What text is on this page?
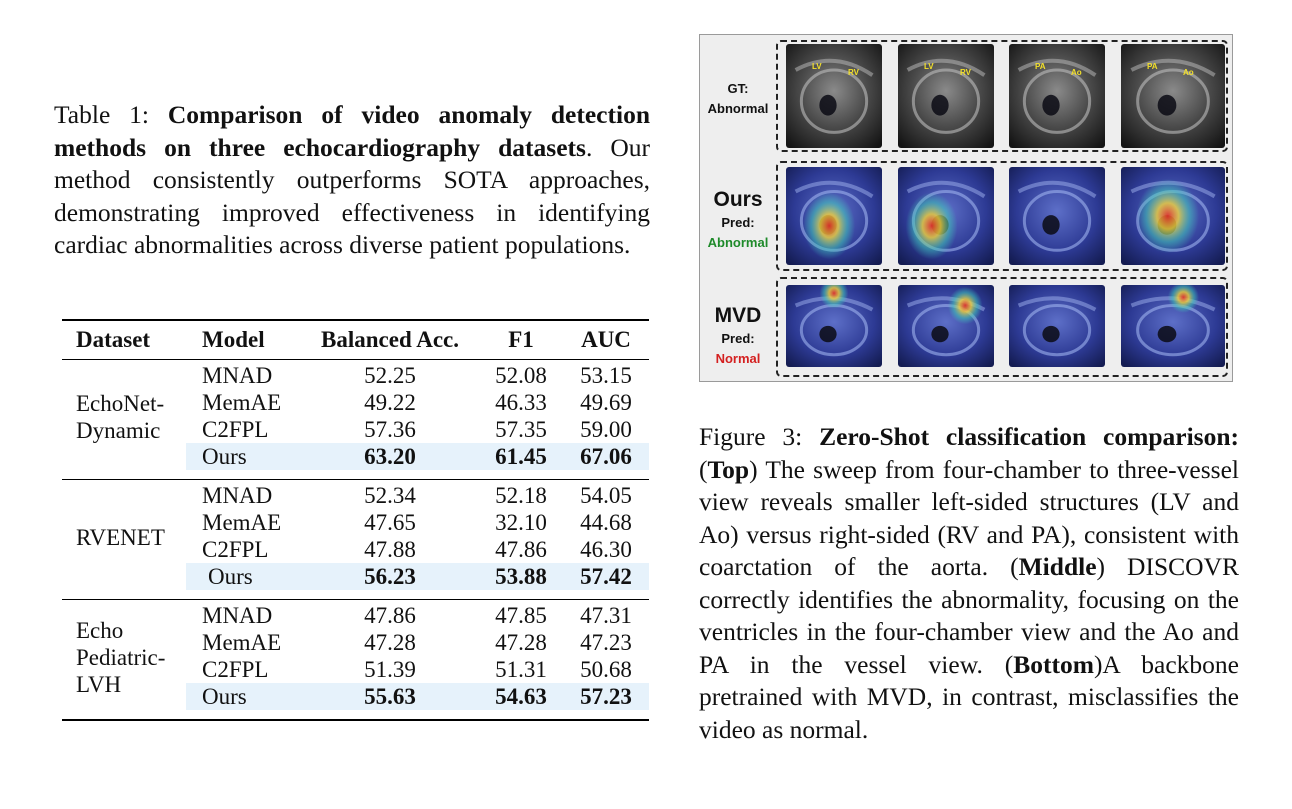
Table 1: Comparison of video anomaly detection methods on three echocardiography datasets. Our method consistently outperforms SOTA approaches, demonstrating improved effectiveness in identifying cardiac abnormalities across diverse patient populations.
Dataset Model	Balanced Acc.	F1	AUC
EchoNet-
Dynamic
MNAD	52.25	52.08	53.15
MemAE	49.22	46.33	49.69
C2FPL	57.36	57.35	59.00
Ours	63.20	61.45	67.06
RVENET
MNAD	52.34	52.18	54.05
MemAE	47.65	32.10	44.68
C2FPL	47.88	47.86	46.30
Ours	56.23	53.88	57.42
Echo
Pediatric-
LVH
MNAD	47.86	47.85	47.31
MemAE	47.28	47.28	47.23
C2FPL	51.39	51.31	50.68
Ours	55.63	54.63	57.23
GT:
Abnormal
Ours
Pred:
Abnormal
MVD
Pred:
Normal
LV
RV
LV
RV
PA
Ao
PA
Ao
Figure 3: Zero-Shot classification comparison: (Top) The sweep from four-chamber to three-vessel view reveals smaller left-sided structures (LV and Ao) versus right-sided (RV and PA), consistent with coarctation of the aorta. (Middle) DISCOVR correctly identifies the abnormality, focusing on the ventricles in the four-chamber view and the Ao and PA in the vessel view. (Bottom)A backbone pretrained with MVD, in contrast, misclassifies the video as normal.
